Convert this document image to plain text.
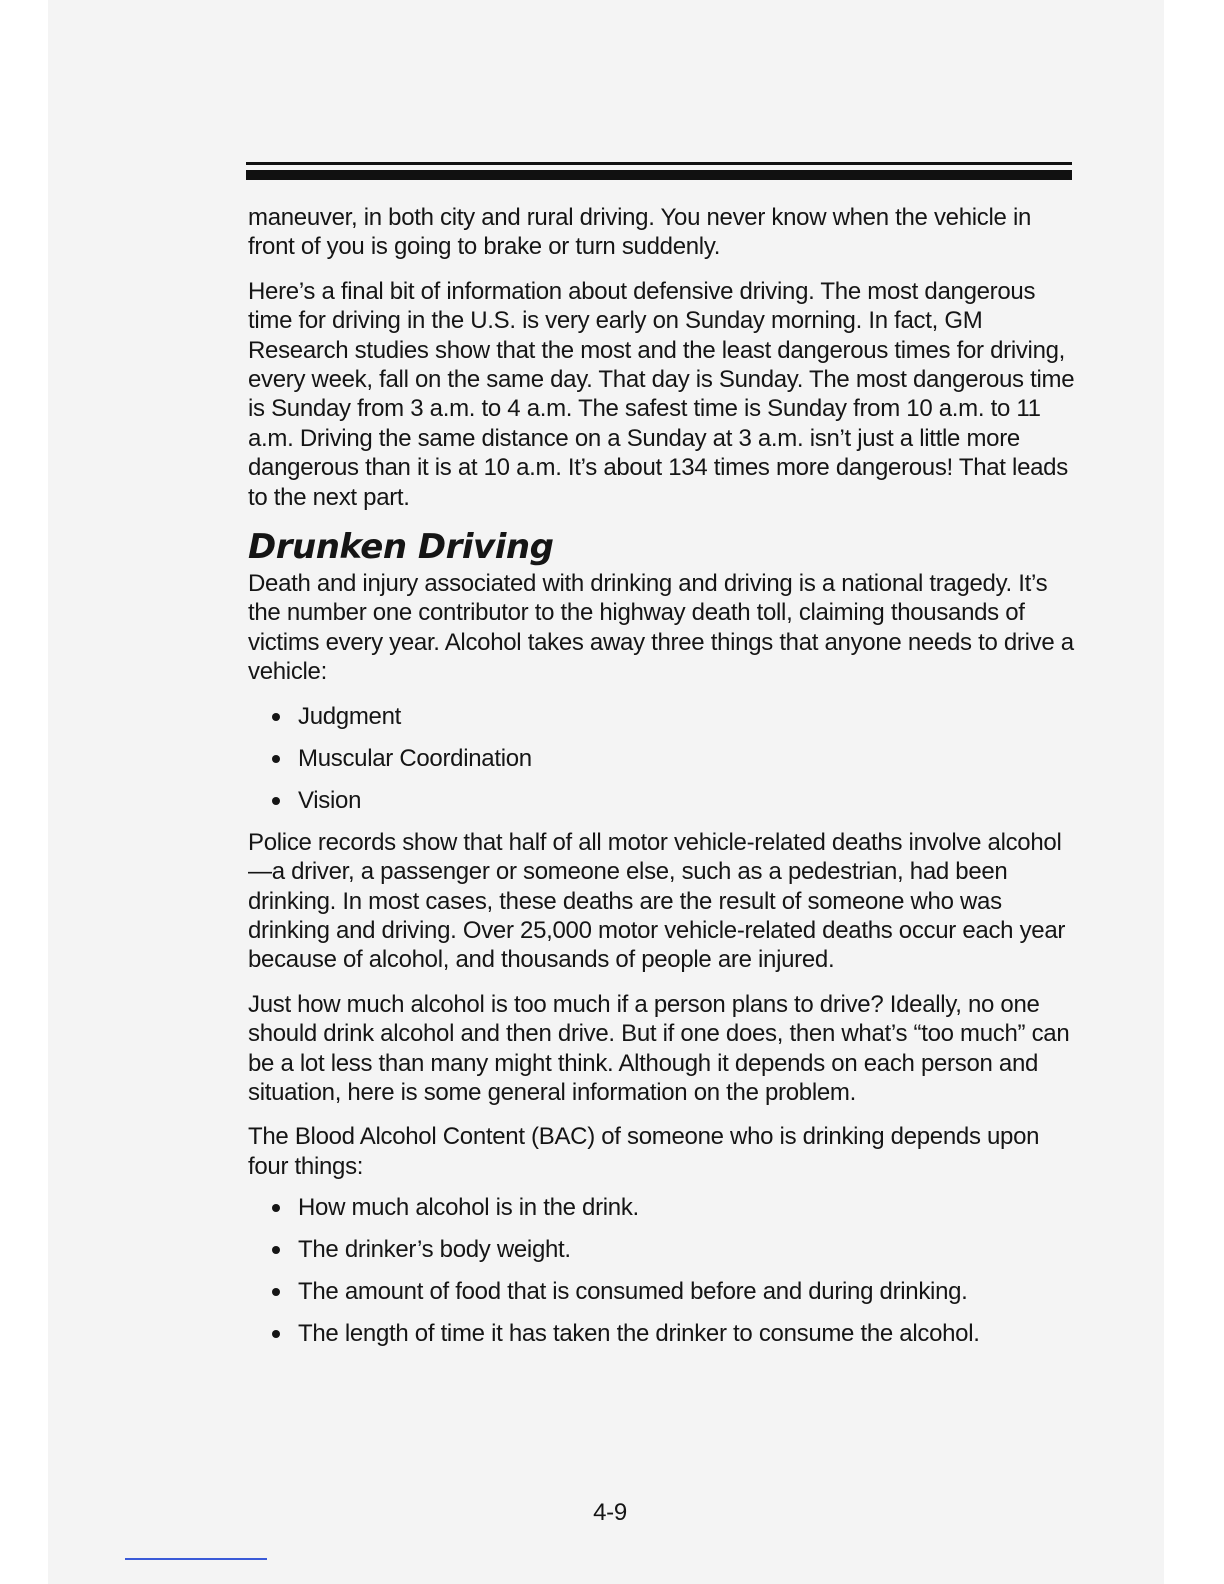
maneuver, in both city and rural driving. You never know when the vehicle in front of you is going to brake or turn suddenly.

Here’s a final bit of information about defensive driving. The most dangerous time for driving in the U.S. is very early on Sunday morning. In fact, GM Research studies show that the most and the least dangerous times for driving, every week, fall on the same day. That day is Sunday. The most dangerous time is Sunday from 3 a.m. to 4 a.m. The safest time is Sunday from 10 a.m. to 11 a.m. Driving the same distance on a Sunday at 3 a.m. isn’t just a little more dangerous than it is at 10 a.m. It’s about 134 times more dangerous! That leads to the next part.

Drunken Driving

Death and injury associated with drinking and driving is a national tragedy. It’s the number one contributor to the highway death toll, claiming thousands of victims every year. Alcohol takes away three things that anyone needs to drive a vehicle:

Judgment
Muscular Coordination
Vision

Police records show that half of all motor vehicle-related deaths involve alcohol—a driver, a passenger or someone else, such as a pedestrian, had been drinking. In most cases, these deaths are the result of someone who was drinking and driving. Over 25,000 motor vehicle-related deaths occur each year because of alcohol, and thousands of people are injured.

Just how much alcohol is too much if a person plans to drive? Ideally, no one should drink alcohol and then drive. But if one does, then what’s “too much” can be a lot less than many might think. Although it depends on each person and situation, here is some general information on the problem.

The Blood Alcohol Content (BAC) of someone who is drinking depends upon four things:

How much alcohol is in the drink.
The drinker’s body weight.
The amount of food that is consumed before and during drinking.
The length of time it has taken the drinker to consume the alcohol.
4-9
